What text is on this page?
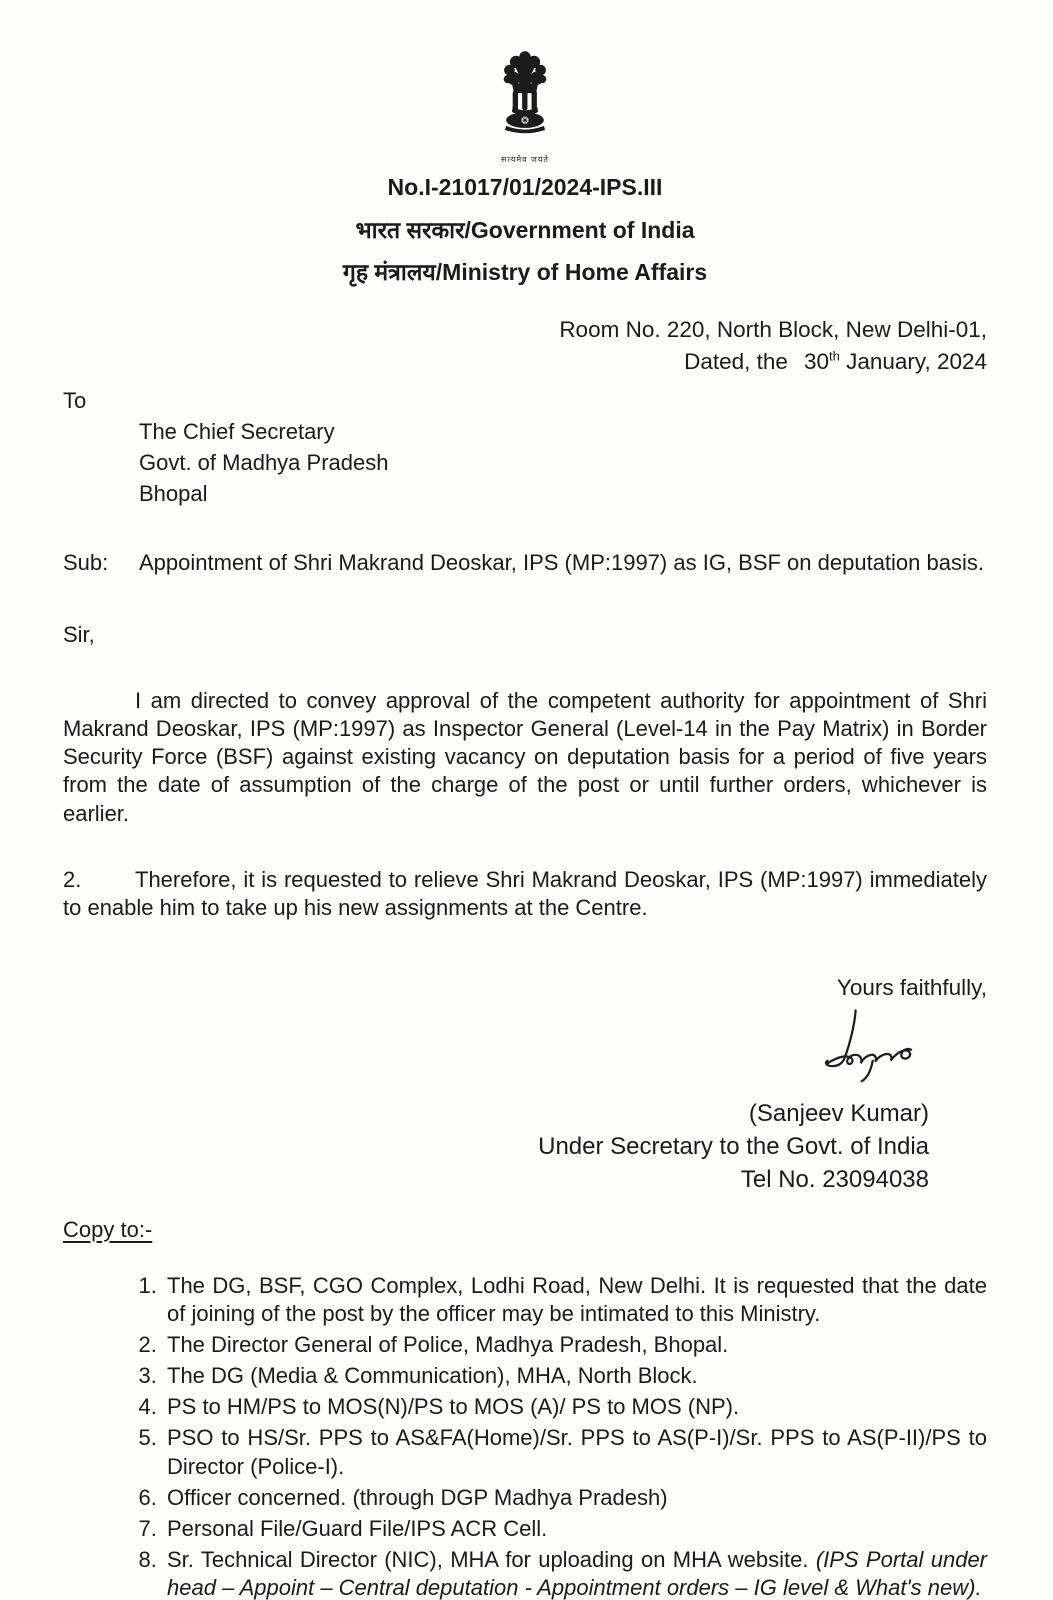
सत्यमेव जयते
No.I-21017/01/2024-IPS.III
भारत सरकार/Government of India
गृह मंत्रालय/Ministry of Home Affairs
Room No. 220, North Block, New Delhi-01,
Dated, the 30th January, 2024
To
The Chief Secretary
Govt. of Madhya Pradesh
Bhopal
Sub:	Appointment of Shri Makrand Deoskar, IPS (MP:1997) as IG, BSF on deputation basis.
Sir,

I am directed to convey approval of the competent authority for appointment of Shri Makrand Deoskar, IPS (MP:1997) as Inspector General (Level-14 in the Pay Matrix) in Border Security Force (BSF) against existing vacancy on deputation basis for a period of five years from the date of assumption of the charge of the post or until further orders, whichever is earlier.

2. Therefore, it is requested to relieve Shri Makrand Deoskar, IPS (MP:1997) immediately to enable him to take up his new assignments at the Centre.

Yours faithfully,
(Sanjeev Kumar)
Under Secretary to the Govt. of India
Tel No. 23094038
Copy to:-
1. The DG, BSF, CGO Complex, Lodhi Road, New Delhi. It is requested that the date of joining of the post by the officer may be intimated to this Ministry.
2. The Director General of Police, Madhya Pradesh, Bhopal.
3. The DG (Media & Communication), MHA, North Block.
4. PS to HM/PS to MOS(N)/PS to MOS (A)/ PS to MOS (NP).
5. PSO to HS/Sr. PPS to AS&FA(Home)/Sr. PPS to AS(P-I)/Sr. PPS to AS(P-II)/PS to Director (Police-I).
6. Officer concerned. (through DGP Madhya Pradesh)
7. Personal File/Guard File/IPS ACR Cell.
8. Sr. Technical Director (NIC), MHA for uploading on MHA website. (IPS Portal under head – Appoint – Central deputation - Appointment orders – IG level & What's new).
